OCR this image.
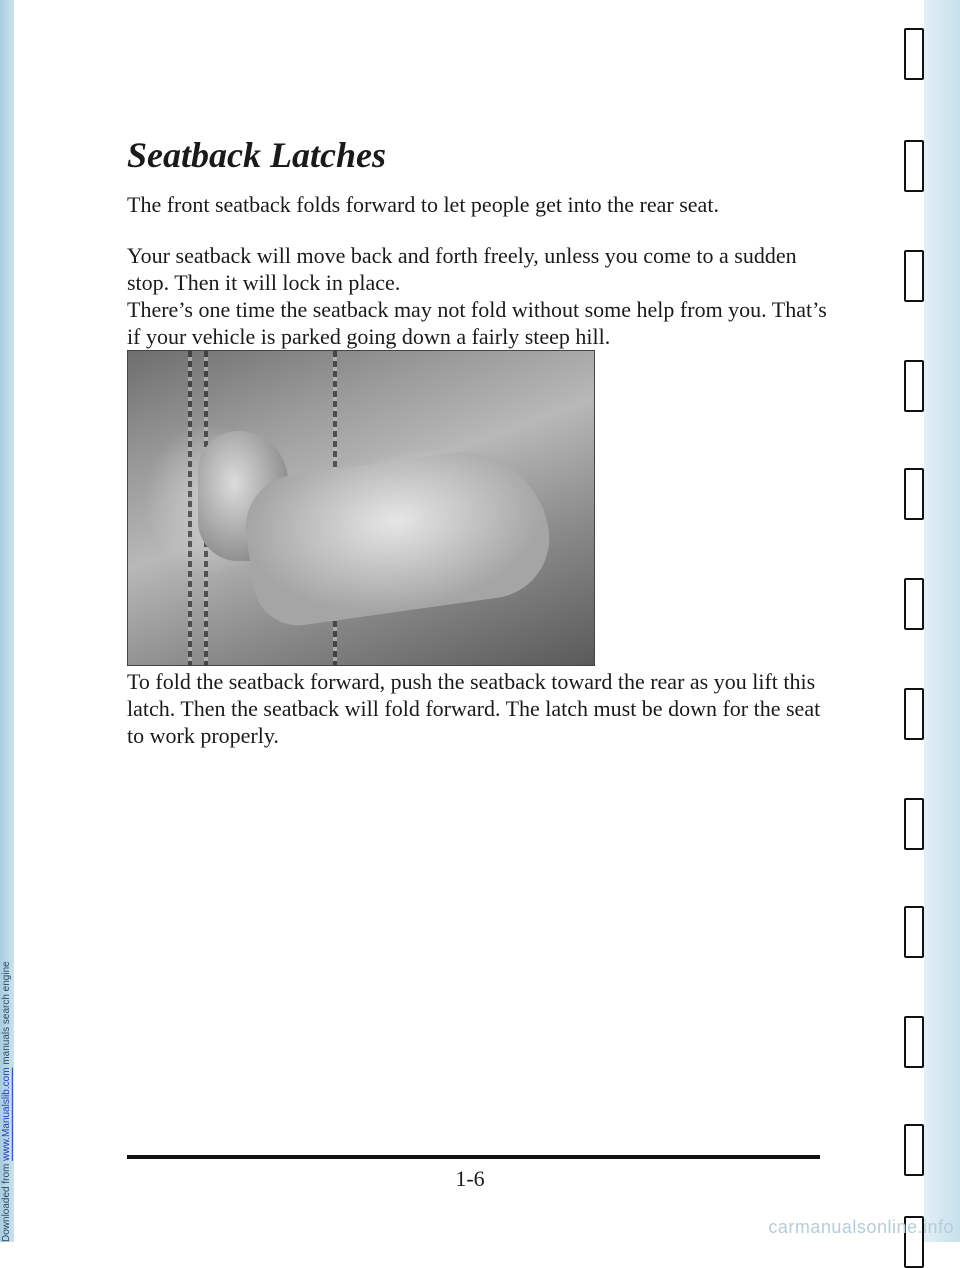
Downloaded from www.Manualslib.com manuals search engine
Seatback Latches

The front seatback folds forward to let people get into the rear seat.

Your seatback will move back and forth freely, unless you come to a sudden stop. Then it will lock in place.

There’s one time the seatback may not fold without some help from you. That’s if your vehicle is parked going down a fairly steep hill.

To fold the seatback forward, push the seatback toward the rear as you lift this latch. Then the seatback will fold forward. The latch must be down for the seat to work properly.

1-6
carmanualsonline.info
